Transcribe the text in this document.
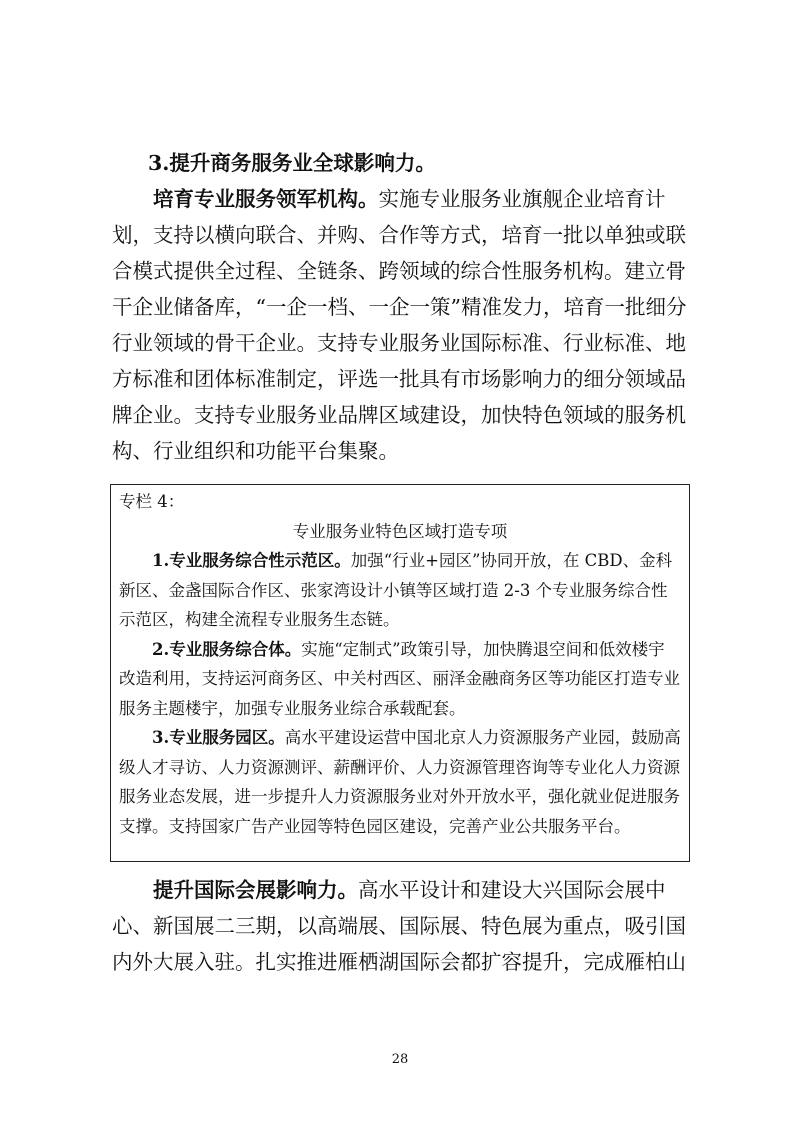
3.提升商务服务业全球影响力。

培育专业服务领军机构。实施专业服务业旗舰企业培育计划，支持以横向联合、并购、合作等方式，培育一批以单独或联合模式提供全过程、全链条、跨领域的综合性服务机构。建立骨干企业储备库，“一企一档、一企一策”精准发力，培育一批细分行业领域的骨干企业。支持专业服务业国际标准、行业标准、地方标准和团体标准制定，评选一批具有市场影响力的细分领域品牌企业。支持专业服务业品牌区域建设，加快特色领域的服务机构、行业组织和功能平台集聚。

专栏 4：
专业服务业特色区域打造专项

1.专业服务综合性示范区。加强“行业+园区”协同开放，在 CBD、金科新区、金盏国际合作区、张家湾设计小镇等区域打造 2-3 个专业服务综合性示范区，构建全流程专业服务生态链。

2.专业服务综合体。实施“定制式”政策引导，加快腾退空间和低效楼宇改造利用，支持运河商务区、中关村西区、丽泽金融商务区等功能区打造专业服务主题楼宇，加强专业服务业综合承载配套。

3.专业服务园区。高水平建设运营中国北京人力资源服务产业园，鼓励高级人才寻访、人力资源测评、薪酬评价、人力资源管理咨询等专业化人力资源服务业态发展，进一步提升人力资源服务业对外开放水平，强化就业促进服务支撑。支持国家广告产业园等特色园区建设，完善产业公共服务平台。

提升国际会展影响力。高水平设计和建设大兴国际会展中心、新国展二三期，以高端展、国际展、特色展为重点，吸引国内外大展入驻。扎实推进雁栖湖国际会都扩容提升，完成雁柏山

28
